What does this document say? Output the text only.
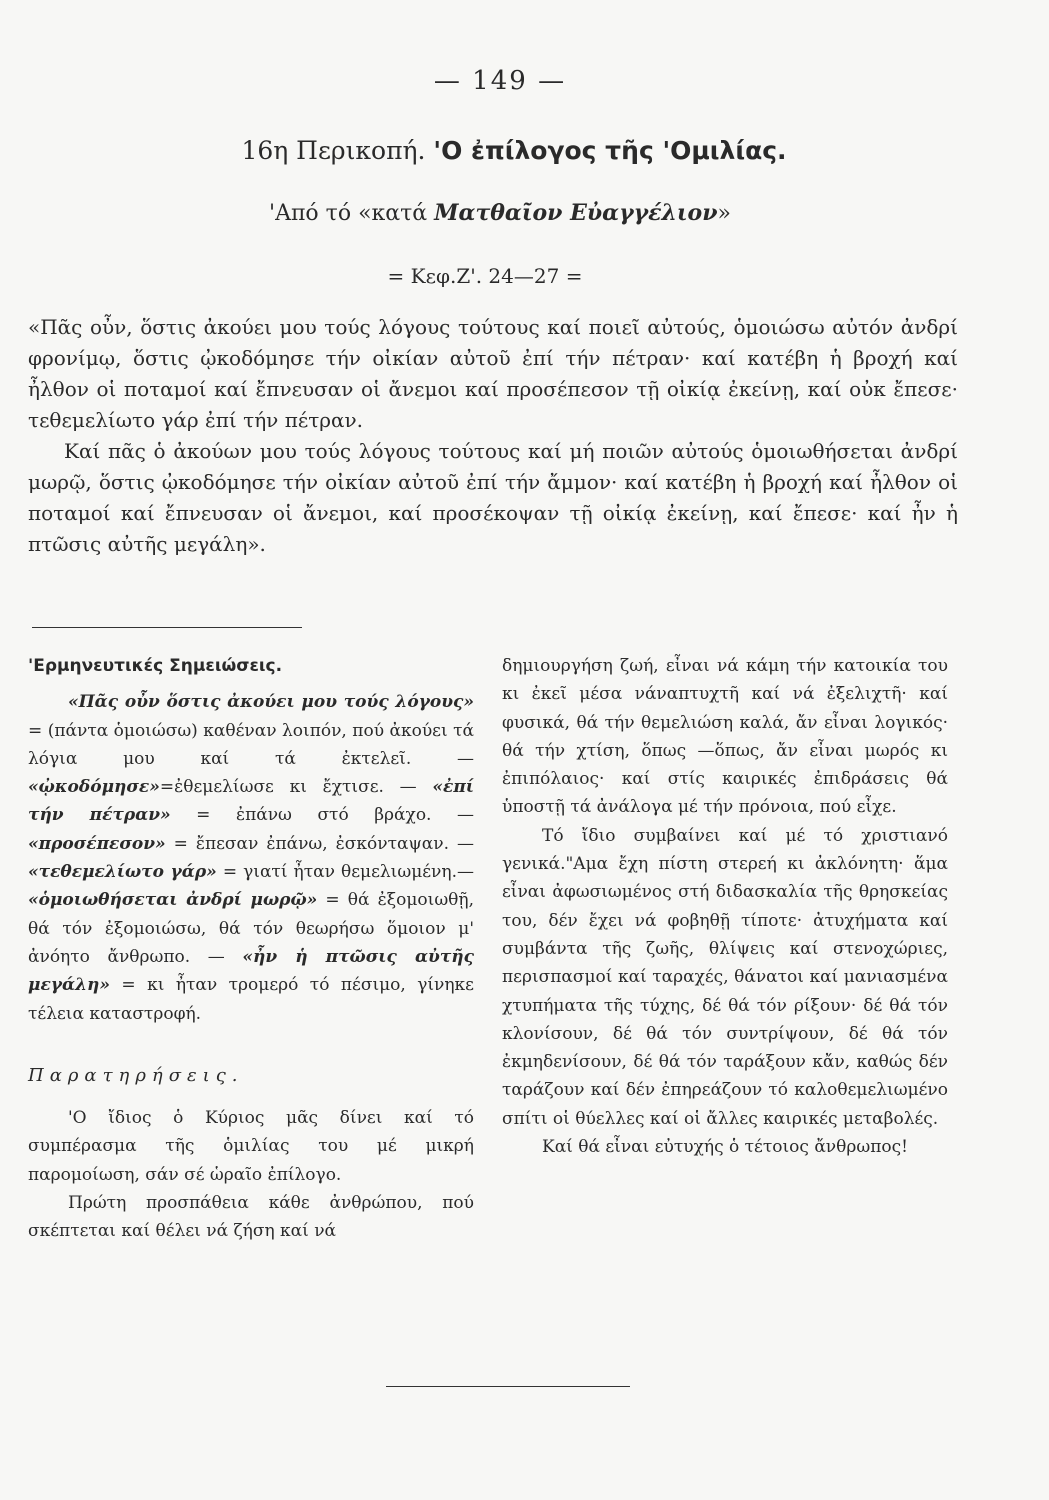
— 149 —
16η Περικοπή. 'Ο ἐπίλογος τῆς 'Ομιλίας.
'Από τό «κατά Ματθαῖον Εὐαγγέλιον»
= Κεφ.Ζ'. 24—27 =

«Πᾶς οὖν, ὅστις ἀκούει μου τούς λόγους τούτους καί ποιεῖ αὐτούς, ὁμοιώσω αὐτόν ἀνδρί φρονίμῳ, ὅστις ᾠκοδόμησε τήν οἰκίαν αὐτοῦ ἐπί τήν πέτραν· καί κατέβη ἡ βροχή καί ἦλθον οἱ ποταμοί καί ἔπνευσαν οἱ ἄνεμοι καί προσέπεσον τῇ οἰκίᾳ ἐκείνῃ, καί οὐκ ἔπεσε· τεθεμελίωτο γάρ ἐπί τήν πέτραν.

Καί πᾶς ὁ ἀκούων μου τούς λόγους τούτους καί μή ποιῶν αὐτούς ὁμοιωθήσεται ἀνδρί μωρῷ, ὅστις ᾠκοδόμησε τήν οἰκίαν αὐτοῦ ἐπί τήν ἄμμον· καί κατέβη ἡ βροχή καί ἦλθον οἱ ποταμοί καί ἔπνευσαν οἱ ἄνεμοι, καί προσέκοψαν τῇ οἰκίᾳ ἐκείνῃ, καί ἔπεσε· καί ἦν ἡ πτῶσις αὐτῆς μεγάλη».

'Ερμηνευτικές Σημειώσεις.

«Πᾶς οὖν ὅστις ἀκούει μου τούς λόγους» = (πάντα ὁμοιώσω) καθέναν λοιπόν, πού ἀκούει τά λόγια μου καί τά ἐκτελεῖ. — «ᾠκοδόμησε»=ἐθεμελίωσε κι ἔχτισε. — «ἐπί τήν πέτραν» = ἐπάνω στό βράχο. — «προσέπεσον» = ἔπεσαν ἐπάνω, ἐσκόνταψαν. — «τεθεμελίωτο γάρ» = γιατί ἦταν θεμελιωμένη.— «ὁμοιωθήσεται ἀνδρί μωρῷ» = θά ἐξομοιωθῇ, θά τόν ἐξομοιώσω, θά τόν θεωρήσω ὅμοιον μ' ἀνόητο ἄνθρωπο. — «ἦν ἡ πτῶσις αὐτῆς μεγάλη» = κι ἦταν τρομερό τό πέσιμο, γίνηκε τέλεια καταστροφή.

Παρατηρήσεις.

'Ο ἴδιος ὁ Κύριος μᾶς δίνει καί τό συμπέρασμα τῆς ὁμιλίας του μέ μικρή παρομοίωση, σάν σέ ὡραῖο ἐπίλογο.

Πρώτη προσπάθεια κάθε ἀνθρώπου, πού σκέπτεται καί θέλει νά ζήση καί νά

δημιουργήση ζωή, εἶναι νά κάμη τήν κατοικία του κι ἐκεῖ μέσα νάναπτυχτῆ καί νά ἐξελιχτῆ· καί φυσικά, θά τήν θεμελιώση καλά, ἄν εἶναι λογικός· θά τήν χτίση, ὅπως —ὅπως, ἄν εἶναι μωρός κι ἐπιπόλαιος· καί στίς καιρικές ἐπιδράσεις θά ὑποστῇ τά ἀνάλογα μέ τήν πρόνοια, πού εἶχε.

Τό ἴδιο συμβαίνει καί μέ τό χριστιανό γενικά."Αμα ἔχη πίστη στερεή κι ἀκλόνητη· ἅμα εἶναι ἀφωσιωμένος στή διδασκαλία τῆς θρησκείας του, δέν ἔχει νά φοβηθῇ τίποτε· ἀτυχήματα καί συμβάντα τῆς ζωῆς, θλίψεις καί στενοχώριες, περισπασμοί καί ταραχές, θάνατοι καί μανιασμένα χτυπήματα τῆς τύχης, δέ θά τόν ρίξουν· δέ θά τόν κλονίσουν, δέ θά τόν συντρίψουν, δέ θά τόν ἐκμηδενίσουν, δέ θά τόν ταράξουν κἄν, καθώς δέν ταράζουν καί δέν ἐπηρεάζουν τό καλοθεμελιωμένο σπίτι οἱ θύελλες καί οἱ ἄλλες καιρικές μεταβολές.

Καί θά εἶναι εὐτυχής ὁ τέτοιος ἄνθρωπος!
